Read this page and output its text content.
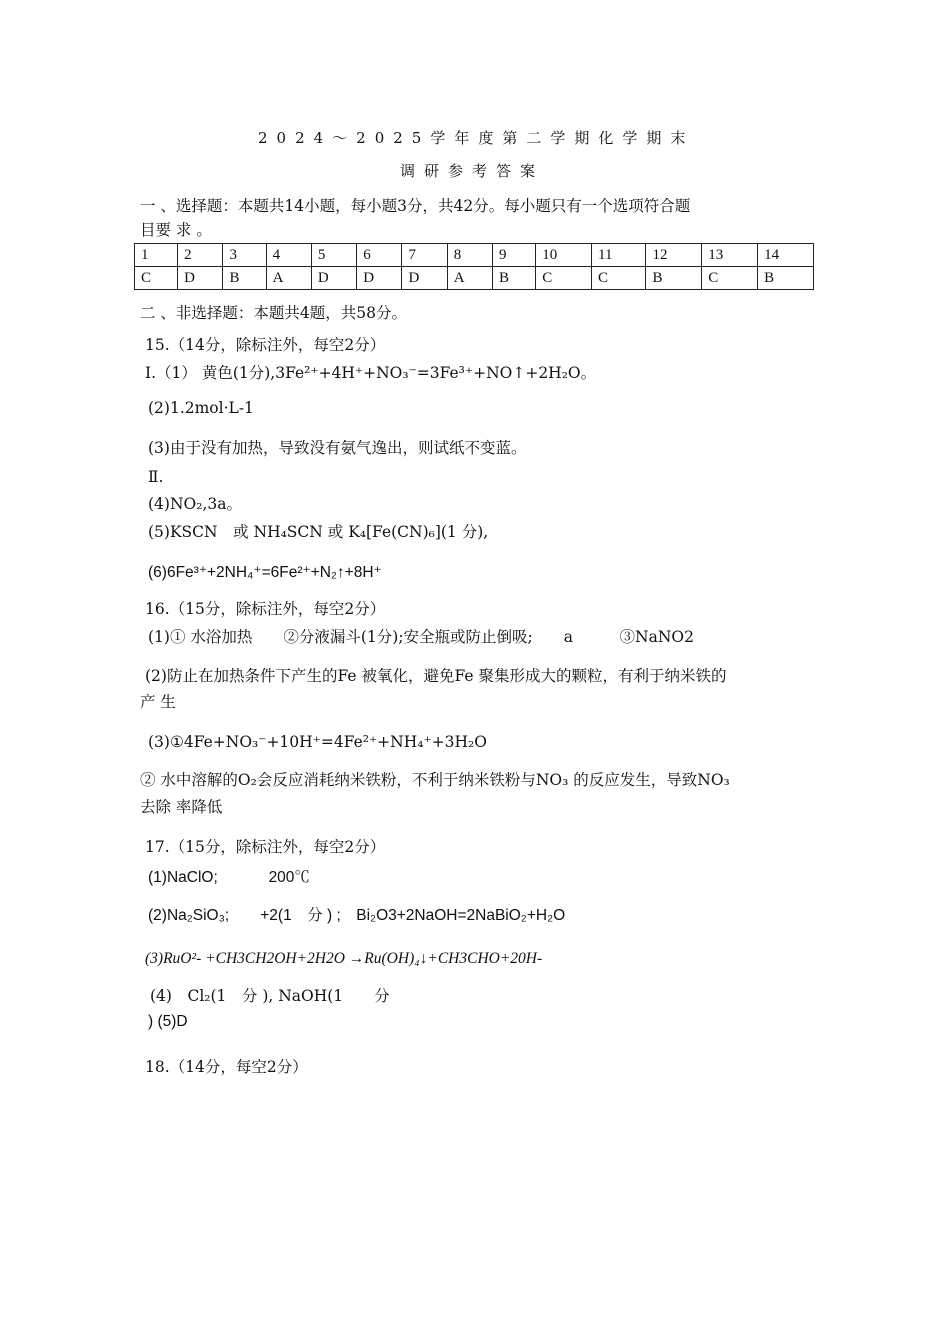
2024～2025学年度第二学期化学期末
调研参考答案
一 、选择题：本题共14小题，每小题3分，共42分。每小题只有一个选项符合题
目要 求 。
1	2	3	4	5	6	7	8	9	10	11	12	13	14
C	D	B	A	D	D	D	A	B	C	C	B	C	B
二 、非选择题：本题共4题，共58分。
15.（14分，除标注外，每空2分）
I.（1） 黄色(1分),3Fe²⁺+4H⁺+NO₃⁻=3Fe³⁺+NO↑+2H₂O。
(2)1.2mol·L-1
(3)由于没有加热，导致没有氨气逸出，则试纸不变蓝。
Ⅱ.
(4)NO₂,3a。
(5)KSCN　或 NH₄SCN 或 K₄[Fe(CN)₆](1 分),
(6)6Fe³⁺+2NH₄⁺=6Fe²⁺+N₂↑+8H⁺
16.（15分，除标注外，每空2分）
(1)① 水浴加热　　②分液漏斗(1分);安全瓶或防止倒吸;　　a　　　③NaNO2
(2)防止在加热条件下产生的Fe 被氧化，避免Fe 聚集形成大的颗粒，有利于纳米铁的
产 生
(3)①4Fe+NO₃⁻+10H⁺=4Fe²⁺+NH₄⁺+3H₂O
② 水中溶解的O₂会反应消耗纳米铁粉，不利于纳米铁粉与NO₃ 的反应发生，导致NO₃
去除 率降低
17.（15分，除标注外，每空2分）
(1)NaClO;　　　 200℃
(2)Na₂SiO₃;　　+2(1　分 ) ;　Bi₂O3+2NaOH=2NaBiO₂+H₂O
(3)RuO²- +CH3CH2OH+2H2O →Ru(OH)₄↓+CH3CHO+20H-
(4)　Cl₂(1　分 ), NaOH(1　　分
) (5)D
18.（14分，每空2分）
